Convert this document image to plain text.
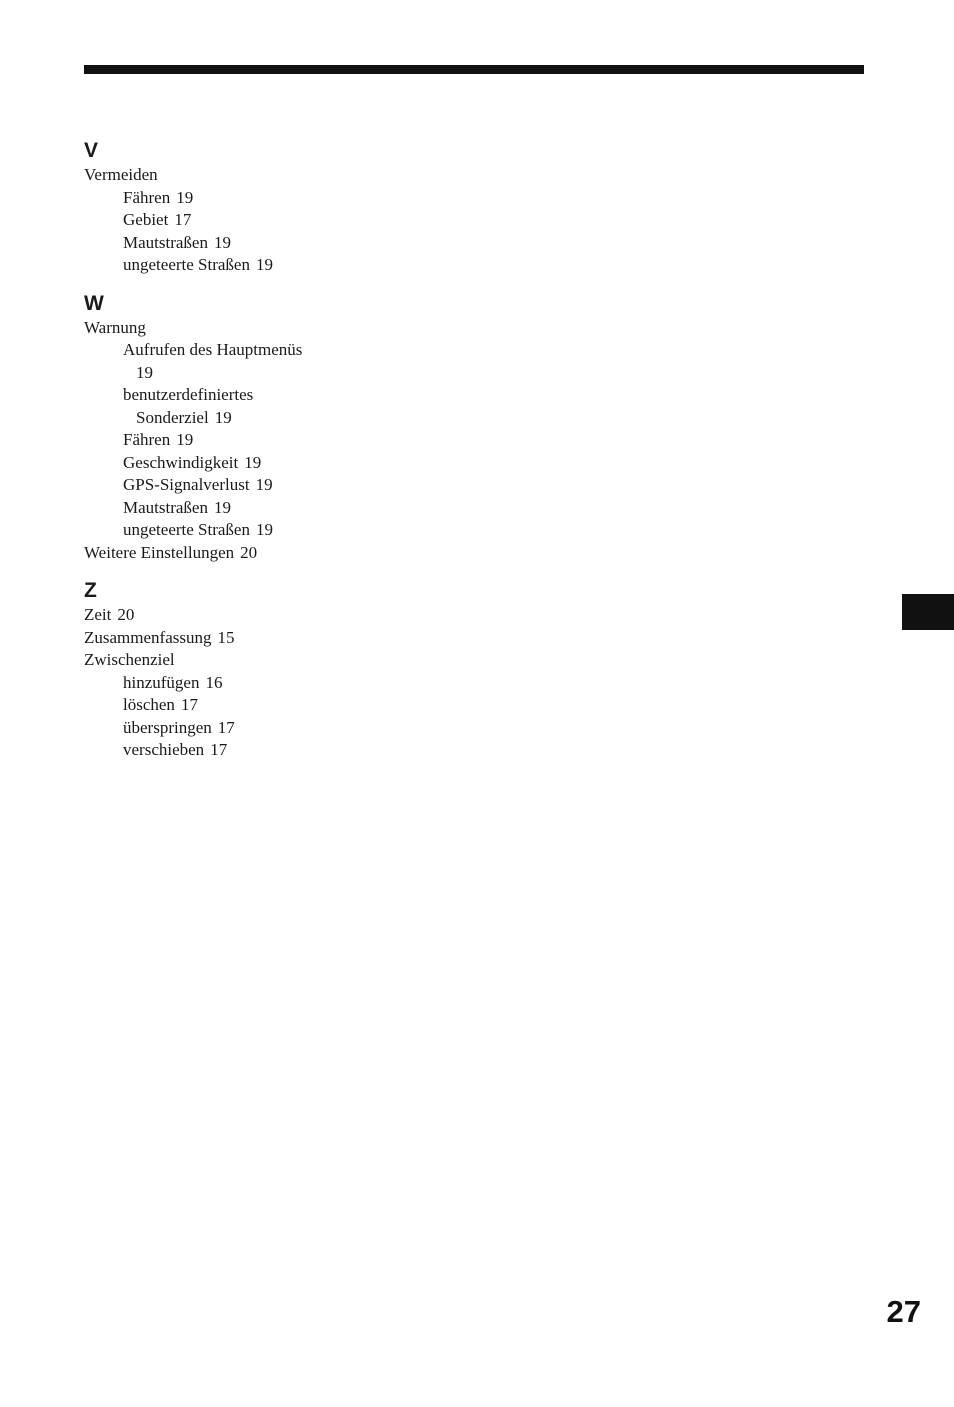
V
Vermeiden
Fähren 19
Gebiet 17
Mautstraßen 19
ungeteerte Straßen 19
W
Warnung
Aufrufen des Hauptmenüs
19
benutzerdefiniertes
Sonderziel 19
Fähren 19
Geschwindigkeit 19
GPS-Signalverlust 19
Mautstraßen 19
ungeteerte Straßen 19
Weitere Einstellungen 20
Z
Zeit 20
Zusammenfassung 15
Zwischenziel
hinzufügen 16
löschen 17
überspringen 17
verschieben 17
27
